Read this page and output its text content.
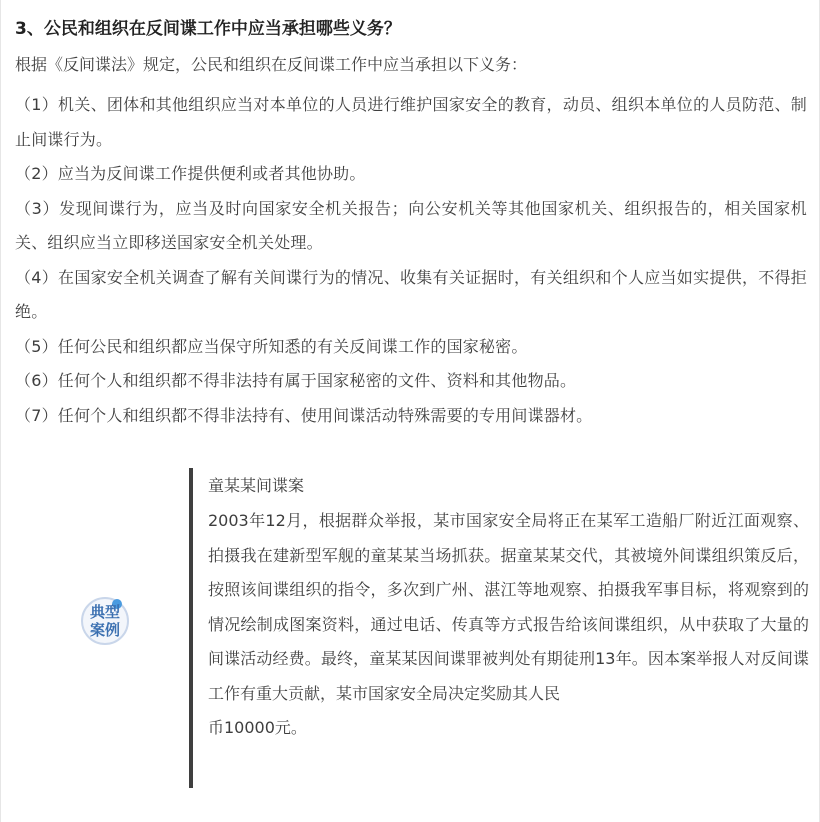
3、公民和组织在反间谍工作中应当承担哪些义务？
根据《反间谍法》规定，公民和组织在反间谍工作中应当承担以下义务：
（1）机关、团体和其他组织应当对本单位的人员进行维护国家安全的教育，动员、组织本单位的人员防范、制止间谍行为。
（2）应当为反间谍工作提供便利或者其他协助。
（3）发现间谍行为，应当及时向国家安全机关报告；向公安机关等其他国家机关、组织报告的，相关国家机关、组织应当立即移送国家安全机关处理。
（4）在国家安全机关调查了解有关间谍行为的情况、收集有关证据时，有关组织和个人应当如实提供，不得拒绝。
（5）任何公民和组织都应当保守所知悉的有关反间谍工作的国家秘密。
（6）任何个人和组织都不得非法持有属于国家秘密的文件、资料和其他物品。
（7）任何个人和组织都不得非法持有、使用间谍活动特殊需要的专用间谍器材。
典型
案例
童某某间谍案
2003年12月，根据群众举报，某市国家安全局将正在某军工造船厂附近江面观察、拍摄我在建新型军舰的童某某当场抓获。据童某某交代，其被境外间谍组织策反后，按照该间谍组织的指令，多次到广州、湛江等地观察、拍摄我军事目标，将观察到的情况绘制成图案资料，通过电话、传真等方式报告给该间谍组织，从中获取了大量的间谍活动经费。最终，童某某因间谍罪被判处有期徒刑13年。因本案举报人对反间谍工作有重大贡献，某市国家安全局决定奖励其人民
币10000元。
